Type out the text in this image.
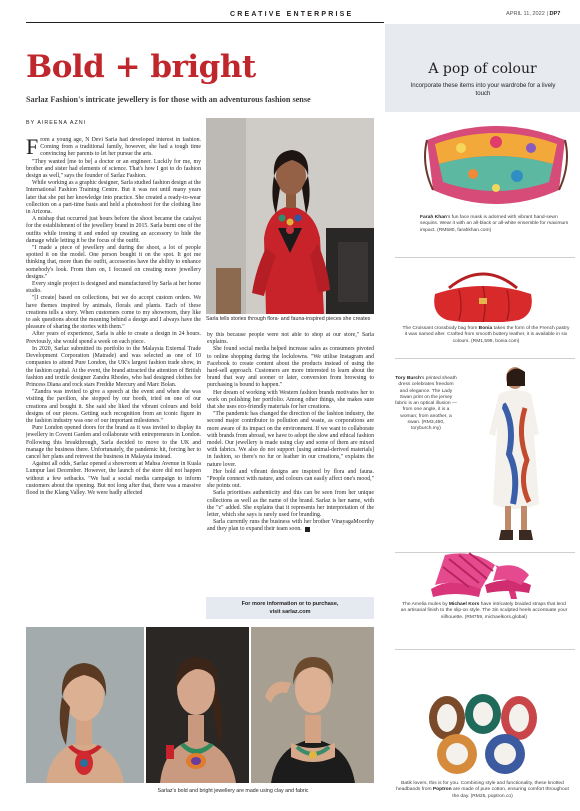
CREATIVE ENTERPRISE	APRIL 11, 2022 | DP7
Bold + bright
Sarlaz Fashion's intricate jewellery is for those with an adventurous fashion sense
BY AIREENA AZNI

From a young age, N Devi Sarla had developed interest in fashion. Coming from a traditional family, however, she had a tough time convincing her parents to let her pursue the arts.

"They wanted [me to be] a doctor or an engineer. Luckily for me, my brother and sister had elements of science. That's how I got to do fashion design as well," says the founder of Sarlaz Fashion.

While working as a graphic designer, Sarla studied fashion design at the International Fashion Training Centre. But it was not until many years later that she put her knowledge into practice. She created a ready-to-wear collection on a part-time basis and held a photoshoot for the clothing line in Arizona.

A mishap that occurred just hours before the shoot became the catalyst for the establishment of the jewellery brand in 2015. Sarla burnt one of the outfits while ironing it and ended up creating an accessory to hide the damage while letting it be the focus of the outfit.

"I made a piece of jewellery and during the shoot, a lot of people spotted it on the model. One person bought it on the spot. It got me thinking that, more than the outfit, accessories have the ability to enhance somebody's look. From then on, I focused on creating more jewellery designs."

Every single project is designed and manufactured by Sarla at her home studio.

"[I create] based on collections, but we do accept custom orders. We have themes inspired by animals, florals and plants. Each of these creations tells a story. When customers come to my showroom, they like to ask questions about the meaning behind a design and I always have the pleasure of sharing the stories with them."

After years of experience, Sarla is able to create a design in 24 hours. Previously, she would spend a week on each piece.

In 2020, Sarlaz submitted its portfolio to the Malaysia External Trade Development Corporation (Matrade) and was selected as one of 10 companies to attend Pure London, the UK's largest fashion trade show, in the fashion capital. At the event, the brand attracted the attention of British fashion and textile designer Zandra Rhodes, who had designed clothes for Princess Diana and rock stars Freddie Mercury and Marc Bolan.

"Zandra was invited to give a speech at the event and when she was visiting the pavilion, she stopped by our booth, tried on one of our creations and bought it. She said she liked the vibrant colours and bold designs of our pieces. Getting such recognition from an iconic figure in the fashion industry was one of our important milestones."

Pure London opened doors for the brand as it was invited to display its jewellery in Covent Garden and collaborate with entrepreneurs in London. Following this breakthrough, Sarla decided to move to the UK and manage the business there. Unfortunately, the pandemic hit, forcing her to cancel her plans and reinvest the business in Malaysia instead.

Against all odds, Sarlaz opened a showroom at Mahsa Avenue in Kuala Lumpur last December. However, the launch of the store did not happen without a few setbacks. "We had a social media campaign to inform customers about the opening. But not long after that, there was a massive flood in the Klang Valley. We were badly affected

Sarla tells stories through flora- and fauna-inspired pieces she creates

by this because people were not able to shop at our store," Sarla explains.

She found social media helped increase sales as consumers pivoted to online shopping during the lockdowns. "We utilise Instagram and Facebook to create content about the products instead of using the hard-sell approach. Customers are more interested to learn about the brand that way and sooner or later, conversion from browsing to purchasing is bound to happen."

Her dream of working with Western fashion brands motivates her to work on polishing her portfolio. Among other things, she makes sure that she uses eco-friendly materials for her creations.

"The pandemic has changed the direction of the fashion industry, the second major contributor to pollution and waste, as corporations are more aware of its impact on the environment. If we want to collaborate with brands from abroad, we have to adopt the slow and ethical fashion model. Our jewellery is made using clay and some of them are mixed with fabrics. We also do not support [using animal-derived materials] in fashion, so there's no fur or leather in our creations," explains the nature lover.

Her bold and vibrant designs are inspired by flora and fauna. "People connect with nature, and colours can easily affect one's mood," she points out.

Sarla prioritises authenticity and this can be seen from her unique collections as well as the name of the brand. Sarlaz is her name, with the "z" added. She explains that it represents her interpretation of the letter, which she says is rarely used for branding.

Sarla currently runs the business with her brother VinayagaMoorthy and they plan to expand their team soon.

For more information or to purchase,
visit sarlaz.com
Sarlaz's bold and bright jewellery are made using clay and fabric
A pop of colour
Incorporate these items into your wardrobe for a lively touch
Farah Khan's fun face mask is adorned with vibrant hand-sewn sequins. Wear it with an all-black or all-white ensemble for maximum impact. (RM580, farahkhan.com)
The Croissant crossbody bag from Bonia takes the form of the French pastry it was named after. Crafted from smooth buttery leather, it is available in six colours. (RM1,599, bonia.com)
Tory Burch's printed sheath dress celebrates freedom and elegance. The Lady Swan print on the jersey fabric is an optical illusion — from one angle, it is a woman; from another, a swan. (RM3,450, toryburch.my)
The Amelia mules by Michael Kors have intricately braided straps that lend an artisanal finish to the slip-on style. The 3in sculpted heels accentuate your silhouette. (RM759, michaelkors.global)
Batik lovers, this is for you. Combining style and functionality, these knotted headbands from Poptron are made of pure cotton, ensuring comfort throughout the day. (RM25, poptron.co)
